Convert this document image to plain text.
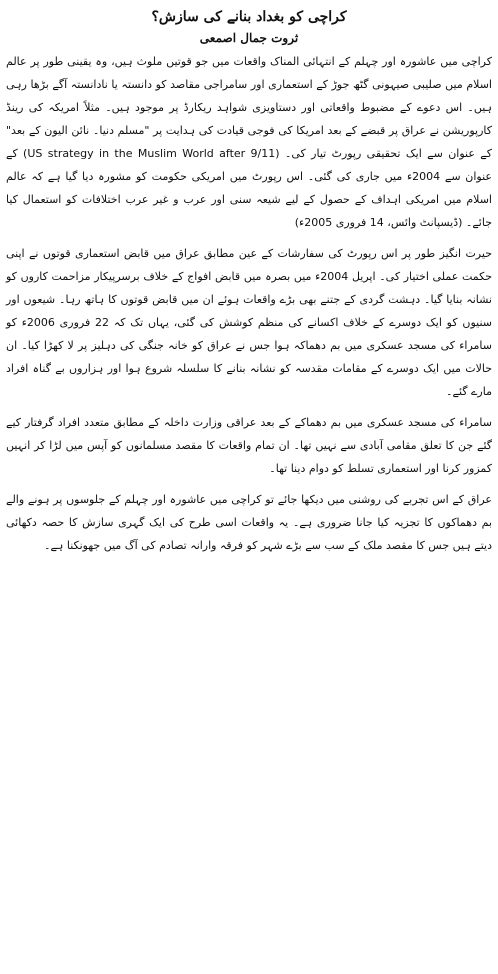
کراچی کو بغداد بنانے کی سازش؟

ثروت جمال اصمعی

کراچی میں عاشورہ اور چہلم کے انتہائی المناک واقعات میں جو قوتیں ملوث ہیں، وہ یقینی طور پر عالم اسلام میں صلیبی صیہونی گٹھ جوڑ کے استعماری اور سامراجی مقاصد کو دانستہ یا نادانستہ آگے بڑھا رہی ہیں۔ اس دعوے کے مضبوط واقعاتی اور دستاویزی شواہد ریکارڈ پر موجود ہیں۔ مثلاً امریکہ کی رینڈ کارپوریشن نے عراق پر قبضے کے بعد امریکا کی فوجی قیادت کی ہدایت پر "مسلم دنیا۔ نائن الیون کے بعد" کے عنوان سے ایک تحقیقی رپورٹ تیار کی۔ (US strategy in the Muslim World after 9/11) کے عنوان سے 2004ء میں جاری کی گئی۔ اس رپورٹ میں امریکی حکومت کو مشورہ دیا گیا ہے کہ عالم اسلام میں امریکی اہداف کے حصول کے لیے شیعہ سنی اور عرب و غیر عرب اختلافات کو استعمال کیا جائے۔ (ڈیسپانٹ وائس، 14 فروری 2005ء)

حیرت انگیز طور پر اس رپورٹ کی سفارشات کے عین مطابق عراق میں قابض استعماری قوتوں نے اپنی حکمت عملی اختیار کی۔ اپریل 2004ء میں بصرہ میں قابض افواج کے خلاف برسرپیکار مزاحمت کاروں کو نشانہ بنایا گیا۔ دہشت گردی کے جتنے بھی بڑے واقعات ہوئے ان میں قابض قوتوں کا ہاتھ رہا۔ شیعوں اور سنیوں کو ایک دوسرے کے خلاف اکسانے کی منظم کوشش کی گئی، یہاں تک کہ 22 فروری 2006ء کو سامراء کی مسجد عسکری میں بم دھماکہ ہوا جس نے عراق کو خانہ جنگی کی دہلیز پر لا کھڑا کیا۔ ان حالات میں ایک دوسرے کے مقامات مقدسہ کو نشانہ بنانے کا سلسلہ شروع ہوا اور ہزاروں بے گناہ افراد مارے گئے۔

سامراء کی مسجد عسکری میں بم دھماکے کے بعد عراقی وزارت داخلہ کے مطابق متعدد افراد گرفتار کیے گئے جن کا تعلق مقامی آبادی سے نہیں تھا۔ ان تمام واقعات کا مقصد مسلمانوں کو آپس میں لڑا کر انہیں کمزور کرنا اور استعماری تسلط کو دوام دینا تھا۔

عراق کے اس تجربے کی روشنی میں دیکھا جائے تو کراچی میں عاشورہ اور چہلم کے جلوسوں پر ہونے والے بم دھماکوں کا تجزیہ کیا جانا ضروری ہے۔ یہ واقعات اسی طرح کی ایک گہری سازش کا حصہ دکھائی دیتے ہیں جس کا مقصد ملک کے سب سے بڑے شہر کو فرقہ وارانہ تصادم کی آگ میں جھونکنا ہے۔
